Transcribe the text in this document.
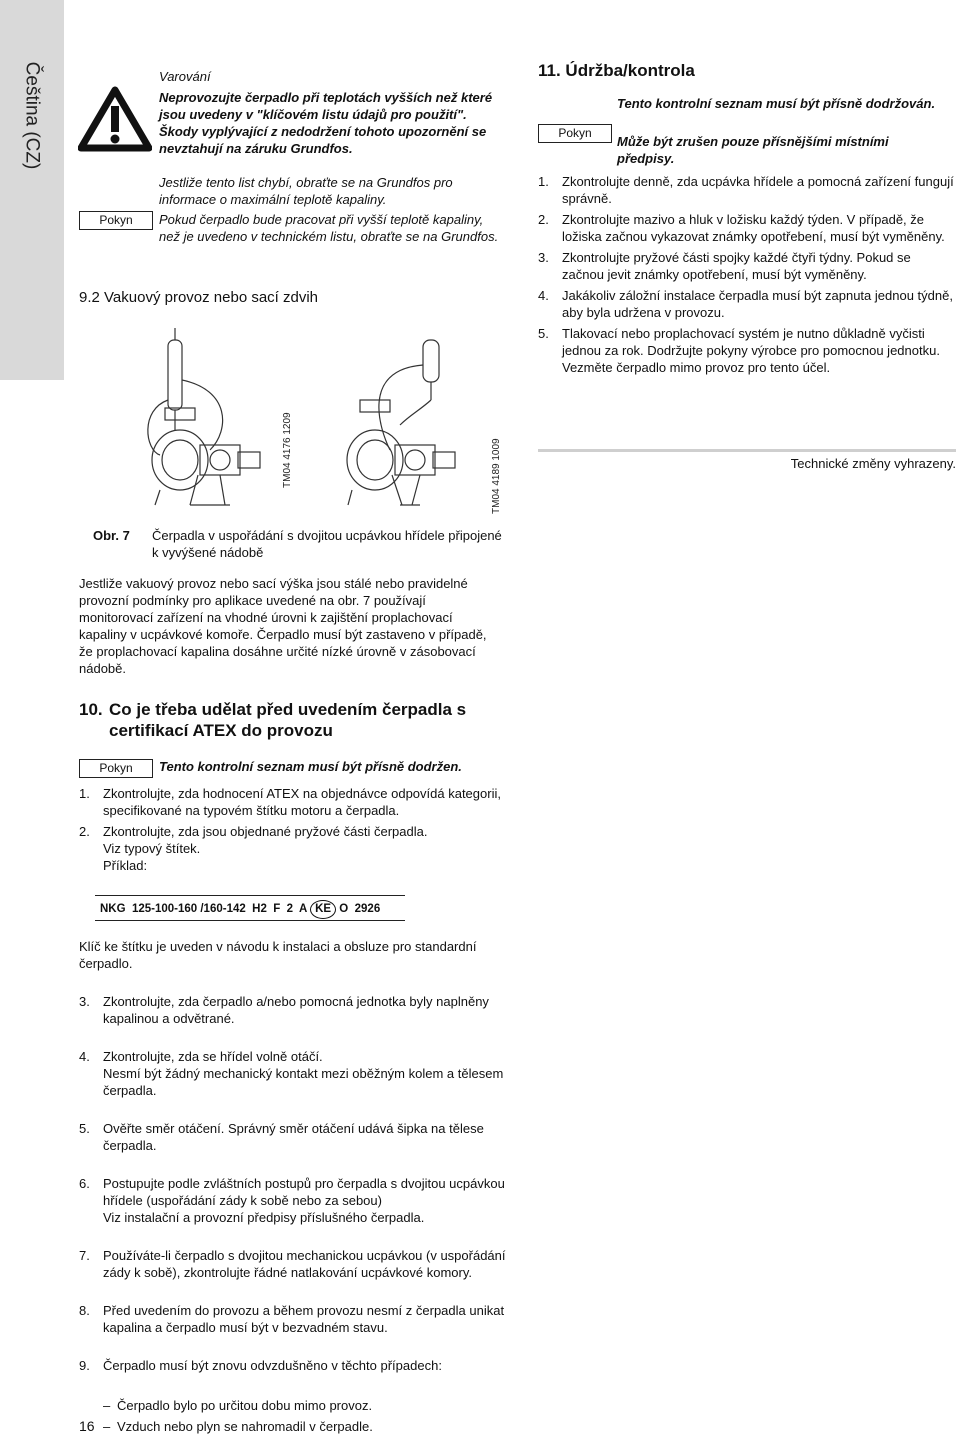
Čeština (CZ)	Varování
Neprovozujte čerpadlo při teplotách vyšších než které jsou uvedeny v "klíčovém listu údajů pro použití". Škody vyplývající z nedodržení tohoto upozornění se nevztahují na záruku Grundfos.
Pokyn
Jestliže tento list chybí, obraťte se na Grundfos pro informace o maximální teplotě kapaliny.
Pokud čerpadlo bude pracovat při vyšší teplotě kapaliny, než je uvedeno v technickém listu, obraťte se na Grundfos.
9.2 Vakuový provoz nebo sací zdvih
TM04 4176 1209	TM04 4189 1009
Obr. 7 Čerpadla v uspořádání s dvojitou ucpávkou hřídele připojené k vyvýšené nádobě
Jestliže vakuový provoz nebo sací výška jsou stálé nebo pravidelné provozní podmínky pro aplikace uvedené na obr. 7 používají monitorovací zařízení na vhodné úrovni k zajištění proplachovací kapaliny v ucpávkové komoře. Čerpadlo musí být zastaveno v případě, že proplachovací kapalina dosáhne určité nízké úrovně v zásobovací nádobě.
10. Co je třeba udělat před uvedením čerpadla s certifikací ATEX do provozu
Pokyn	Tento kontrolní seznam musí být přísně dodržen.
1. Zkontrolujte, zda hodnocení ATEX na objednávce odpovídá kategorii, specifikované na typovém štítku motoru a čerpadla.
2. Zkontrolujte, zda jsou objednané pryžové části čerpadla.
Viz typový štítek.
Příklad:
NKG  125-100-160 /160-142  H2  F  2  A KE O  2926
Klíč ke štítku je uveden v návodu k instalaci a obsluze pro standardní čerpadlo.

3. Zkontrolujte, zda čerpadlo a/nebo pomocná jednotka byly naplněny kapalinou a odvětrané.

4. Zkontrolujte, zda se hřídel volně otáčí.
Nesmí být žádný mechanický kontakt mezi oběžným kolem a tělesem čerpadla.

5. Ověřte směr otáčení. Správný směr otáčení udává šipka na tělese čerpadla.

6. Postupujte podle zvláštních postupů pro čerpadla s dvojitou ucpávkou hřídele (uspořádání zády k sobě nebo za sebou)
Viz instalační a provozní předpisy příslušného čerpadla.

7. Používáte-li čerpadlo s dvojitou mechanickou ucpávkou (v uspořádání zády k sobě), zkontrolujte řádné natlakování ucpávkové komory.

8. Před uvedením do provozu a během provozu nesmí z čerpadla unikat kapalina a čerpadlo musí být v bezvadném stavu.

9. Čerpadlo musí být znovu odvzdušněno v těchto případech:

– Čerpadlo bylo po určitou dobu mimo provoz.
– Vzduch nebo plyn se nahromadil v čerpadle.
11. Údržba/kontrola
Pokyn
Tento kontrolní seznam musí být přísně dodržován.
Může být zrušen pouze přísnějšími místními předpisy.
1. Zkontrolujte denně, zda ucpávka hřídele a pomocná zařízení fungují správně.
2. Zkontrolujte mazivo a hluk v ložisku každý týden. V případě, že ložiska začnou vykazovat známky opotřebení, musí být vyměněny.
3. Zkontrolujte pryžové části spojky každé čtyři týdny. Pokud se začnou jevit známky opotřebení, musí být vyměněny.
4. Jakákoliv záložní instalace čerpadla musí být zapnuta jednou týdně, aby byla udržena v provozu.
5. Tlakovací nebo proplachovací systém je nutno důkladně vyčisti jednou za rok. Dodržujte pokyny výrobce pro pomocnou jednotku. Vezměte čerpadlo mimo provoz pro tento účel.
Technické změny vyhrazeny.
16
